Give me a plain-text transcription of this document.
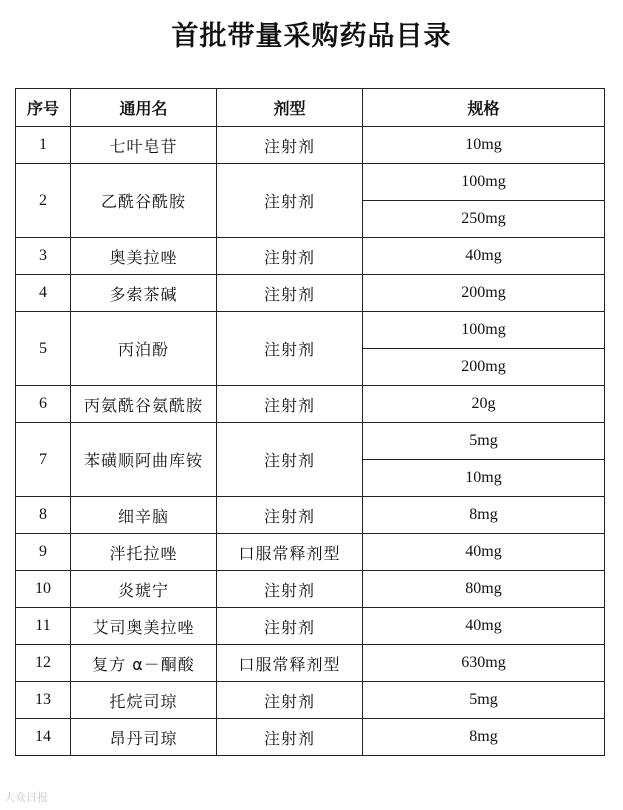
首批带量采购药品目录
序号	通用名	剂型	规格
1	七叶皂苷	注射剂	10mg
2	乙酰谷酰胺	注射剂	100mg
			250mg
3	奥美拉唑	注射剂	40mg
4	多索茶碱	注射剂	200mg
5	丙泊酚	注射剂	100mg
			200mg
6	丙氨酰谷氨酰胺	注射剂	20g
7	苯磺顺阿曲库铵	注射剂	5mg
			10mg
8	细辛脑	注射剂	8mg
9	泮托拉唑	口服常释剂型	40mg
10	炎琥宁	注射剂	80mg
11	艾司奥美拉唑	注射剂	40mg
12	复方 α－酮酸	口服常释剂型	630mg
13	托烷司琼	注射剂	5mg
14	昂丹司琼	注射剂	8mg
大众日报
